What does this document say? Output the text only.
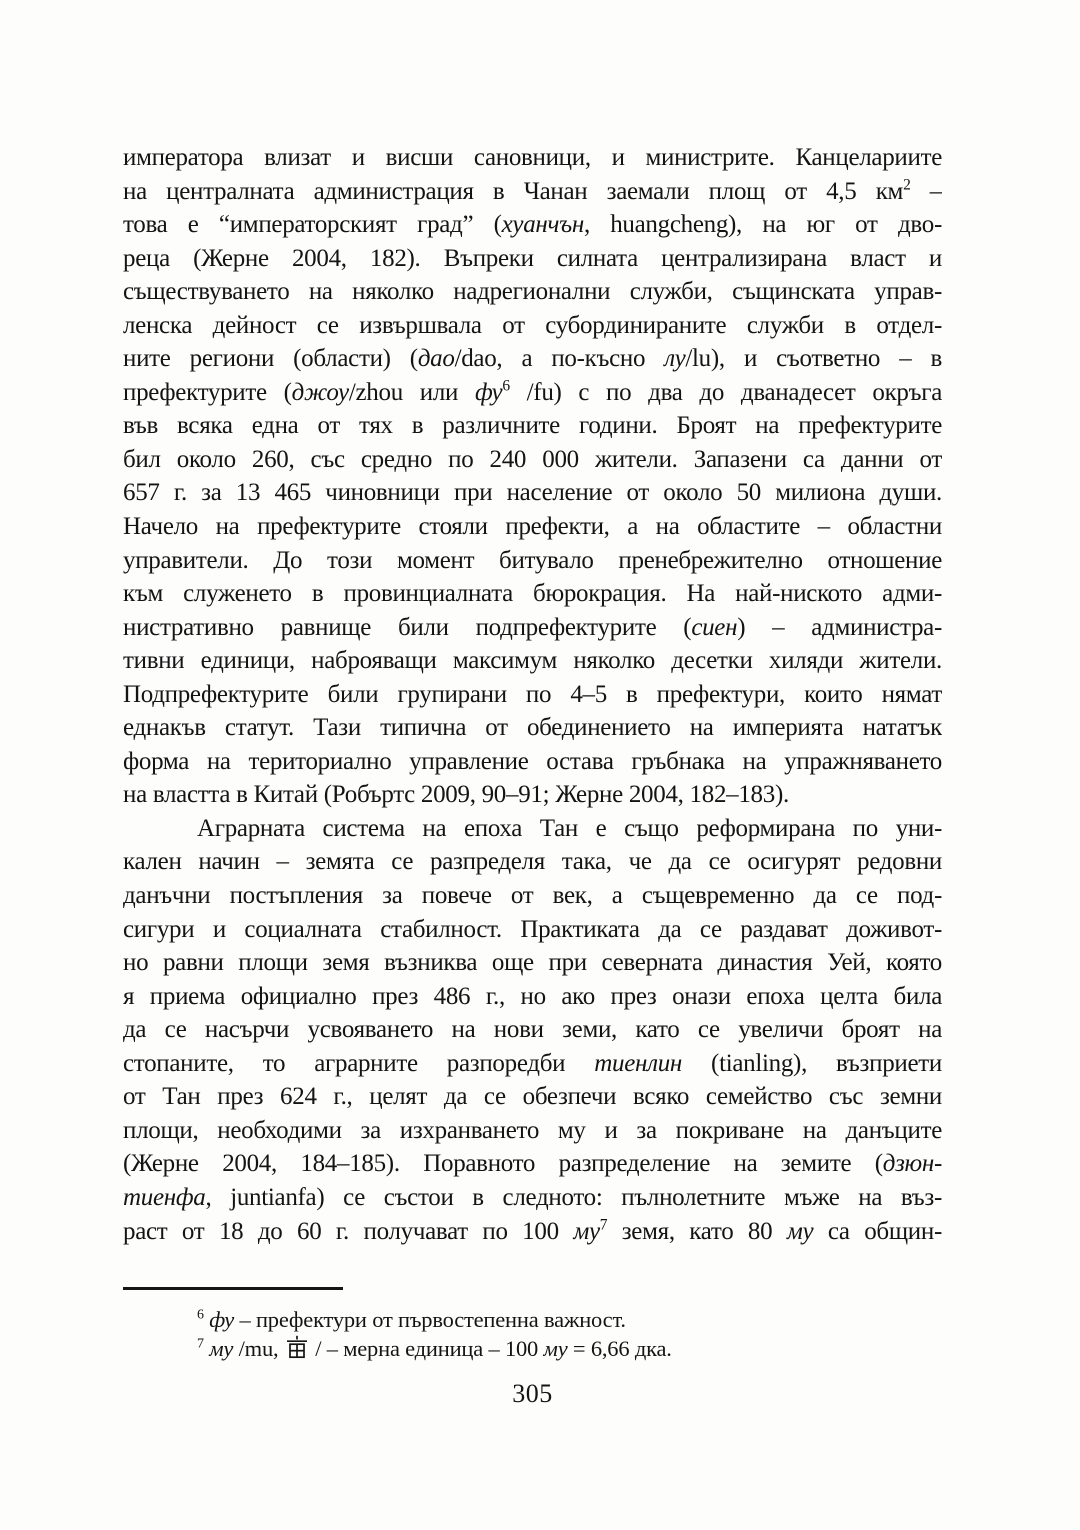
императора влизат и висши сановници, и министрите. Канцелариите
на централната администрация в Чанан заемали площ от 4,5 $км^2$ –
това е “императорският град” (хуанчън, huangcheng), на юг от дво-
реца (Жерне 2004, 182). Въпреки силната централизирана власт и
съществуването на няколко надрегионални служби, същинската управ-
ленска дейност се извършвала от субординираните служби в отдел-
ните региони (области) (дао/dao, а по-късно лу/lu), и съответно – в
префектурите (джоу/zhou или $фу^6$ /fu) с по два до дванадесет окръга
във всяка една от тях в различните години. Броят на префектурите
бил около 260, със средно по 240 000 жители. Запазени са данни от
657 г. за 13 465 чиновници при население от около 50 милиона души.
Начело на префектурите стояли префекти, а на областите – областни
управители. До този момент битувало пренебрежително отношение
към служенето в провинциалната бюрокрация. На най-ниското адми-
нистративно равнище били подпрефектурите (сиен) – администра-
тивни единици, наброяващи максимум няколко десетки хиляди жители.
Подпрефектурите били групирани по 4–5 в префектури, които нямат
еднакъв статут. Тази типична от обединението на империята нататък
форма на териториално управление остава гръбнака на упражняването
на властта в Китай (Робъртс 2009, 90–91; Жерне 2004, 182–183).
Аграрната система на епоха Тан е също реформирана по уни-
кален начин – земята се разпределя така, че да се осигурят редовни
данъчни постъпления за повече от век, а същевременно да се под-
сигури и социалната стабилност. Практиката да се раздават доживот-
но равни площи земя възниква още при северната династия Уей, която
я приема официално през 486 г., но ако през онази епоха целта била
да се насърчи усвояването на нови земи, като се увеличи броят на
стопаните, то аграрните разпоредби тиенлин (tianling), възприети
от Тан през 624 г., целят да се обезпечи всяко семейство със земни
площи, необходими за изхранването му и за покриване на данъците
(Жерне 2004, 184–185). Поравното разпределение на земите (дзюн-
тиенфа, juntianfa) се състои в следното: пълнолетните мъже на въз-
раст от 18 до 60 г. получават по 100 $му^7$ земя, като 80 му са общин-
$^6$ фу – префектури от първостепенна важност.
$^7$ му /mu,  / – мерна единица – 100 му = 6,66 дка.
305
